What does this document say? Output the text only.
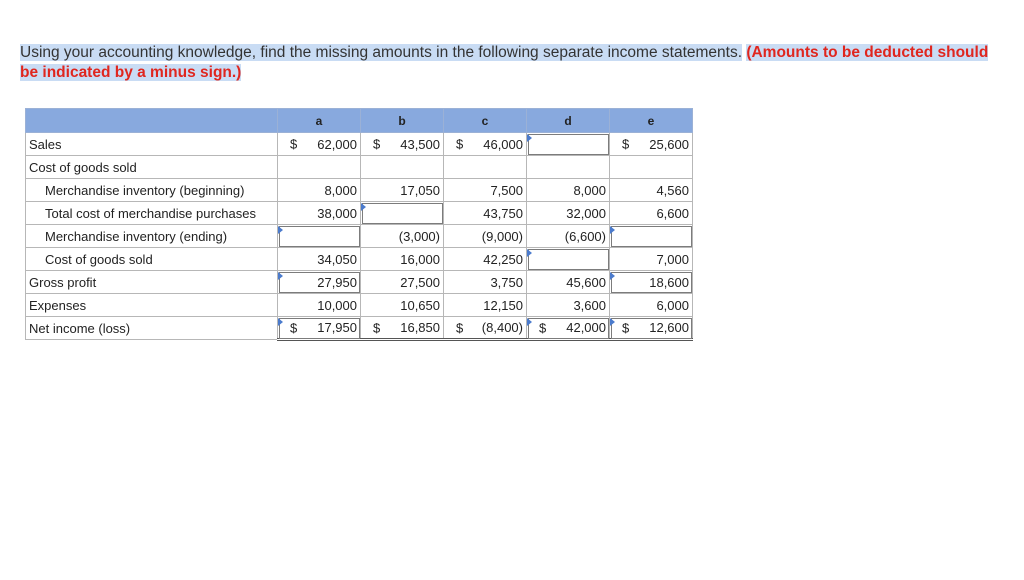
Using your accounting knowledge, find the missing amounts in the following separate income statements. (Amounts to be deducted should be indicated by a minus sign.)
	a	b	c	d	e
Sales	$ 62,000	$ 43,500	$ 46,000		$ 25,600
Cost of goods sold					
Merchandise inventory (beginning)	8,000	17,050	7,500	8,000	4,560
Total cost of merchandise purchases	38,000		43,750	32,000	6,600
Merchandise inventory (ending)		(3,000)	(9,000)	(6,600)	

Cost of goods sold	34,050	16,000	42,250		7,000
Gross profit	27,950	27,500	3,750	45,600	18,600
Expenses	10,000	10,650	12,150	3,600	6,000
Net income (loss)	$ 17,950	$ 16,850	$ (8,400)	$ 42,000	$ 12,600
